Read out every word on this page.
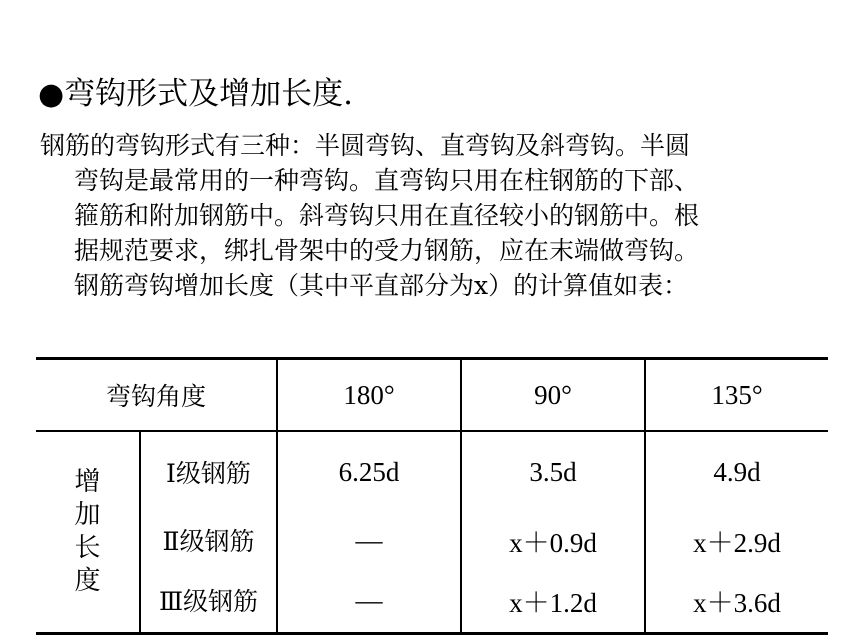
●弯钩形式及增加长度.

钢筋的弯钩形式有三种：半圆弯钩、直弯钩及斜弯钩。半圆

弯钩是最常用的一种弯钩。直弯钩只用在柱钢筋的下部、

箍筋和附加钢筋中。斜弯钩只用在直径较小的钢筋中。根

据规范要求，绑扎骨架中的受力钢筋，应在末端做弯钩。

钢筋弯钩增加长度（其中平直部分为x）的计算值如表：

弯钩角度		180°	90°	135°

增
加
长
度	Ⅰ级钢筋	6.25d	3.5d	4.9d
	Ⅱ级钢筋	—	x＋0.9d	x＋2.9d
	Ⅲ级钢筋	—	x＋1.2d	x＋3.6d
